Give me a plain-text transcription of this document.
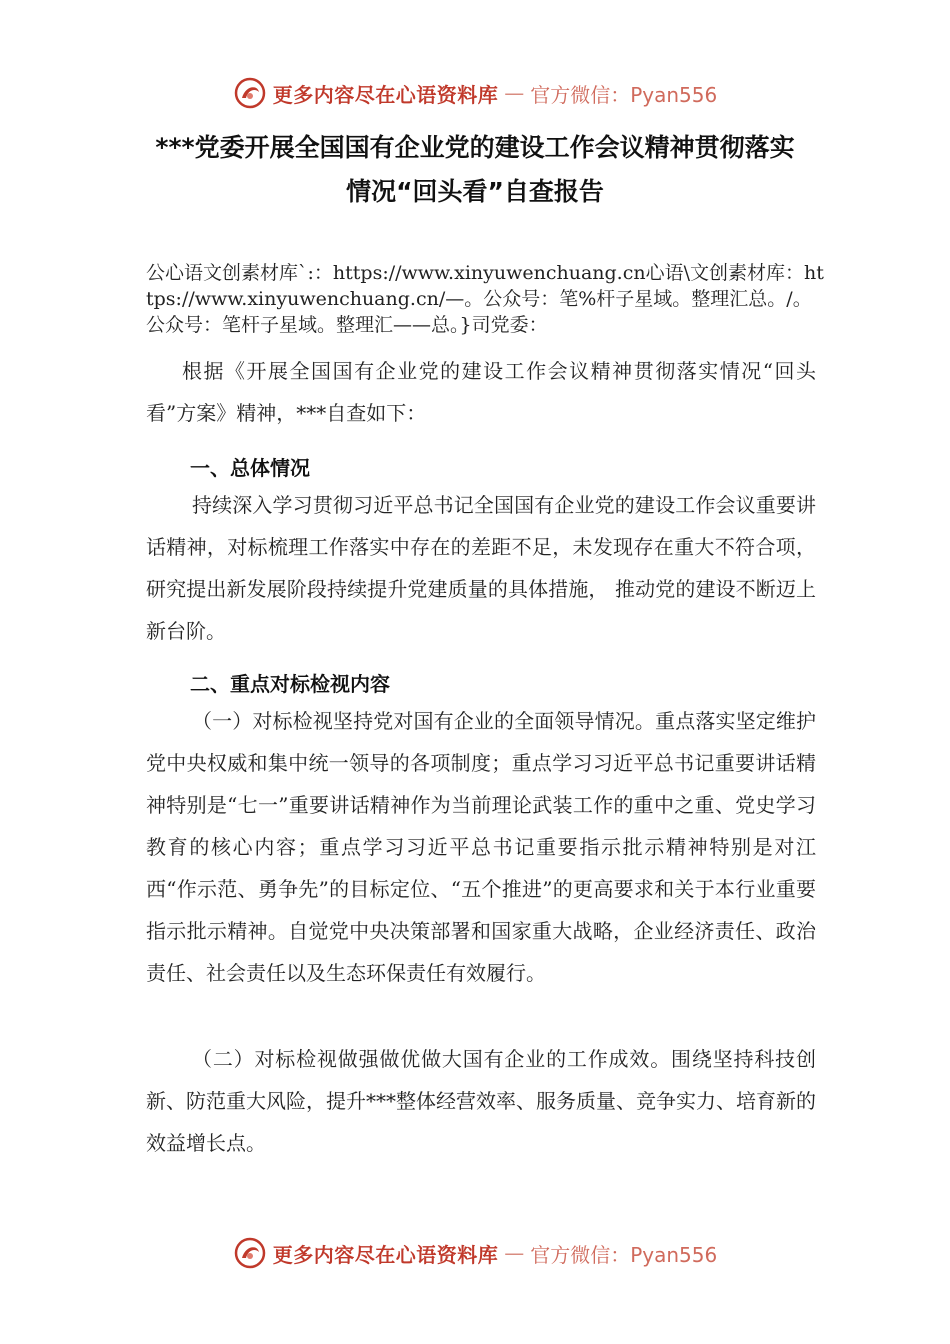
更多内容尽在心语资料库 — 官方微信：Pyan556
***党委开展全国国有企业党的建设工作会议精神贯彻落实
情况“回头看”自查报告
公心语文创素材库`:：https://www.xinyuwenchuang.cn心语\文创素材库：https://www.xinyuwenchuang.cn/—。公众号：笔%杆子星域。整理汇总。/。公众号：笔杆子星域。整理汇——总。}司党委：
根据《开展全国国有企业党的建设工作会议精神贯彻落实情况“回头看”方案》精神，***自查如下：
一、总体情况
持续深入学习贯彻习近平总书记全国国有企业党的建设工作会议重要讲话精神，对标梳理工作落实中存在的差距不足，未发现存在重大不符合项，研究提出新发展阶段持续提升党建质量的具体措施， 推动党的建设不断迈上新台阶。
二、重点对标检视内容
（一）对标检视坚持党对国有企业的全面领导情况。重点落实坚定维护党中央权威和集中统一领导的各项制度；重点学习习近平总书记重要讲话精神特别是“七一”重要讲话精神作为当前理论武装工作的重中之重、党史学习教育的核心内容；重点学习习近平总书记重要指示批示精神特别是对江西“作示范、勇争先”的目标定位、“五个推进”的更高要求和关于本行业重要指示批示精神。自觉党中央决策部署和国家重大战略，企业经济责任、政治责任、社会责任以及生态环保责任有效履行。
（二）对标检视做强做优做大国有企业的工作成效。围绕坚持科技创新、防范重大风险，提升***整体经营效率、服务质量、竞争实力、培育新的效益增长点。
更多内容尽在心语资料库 — 官方微信：Pyan556
